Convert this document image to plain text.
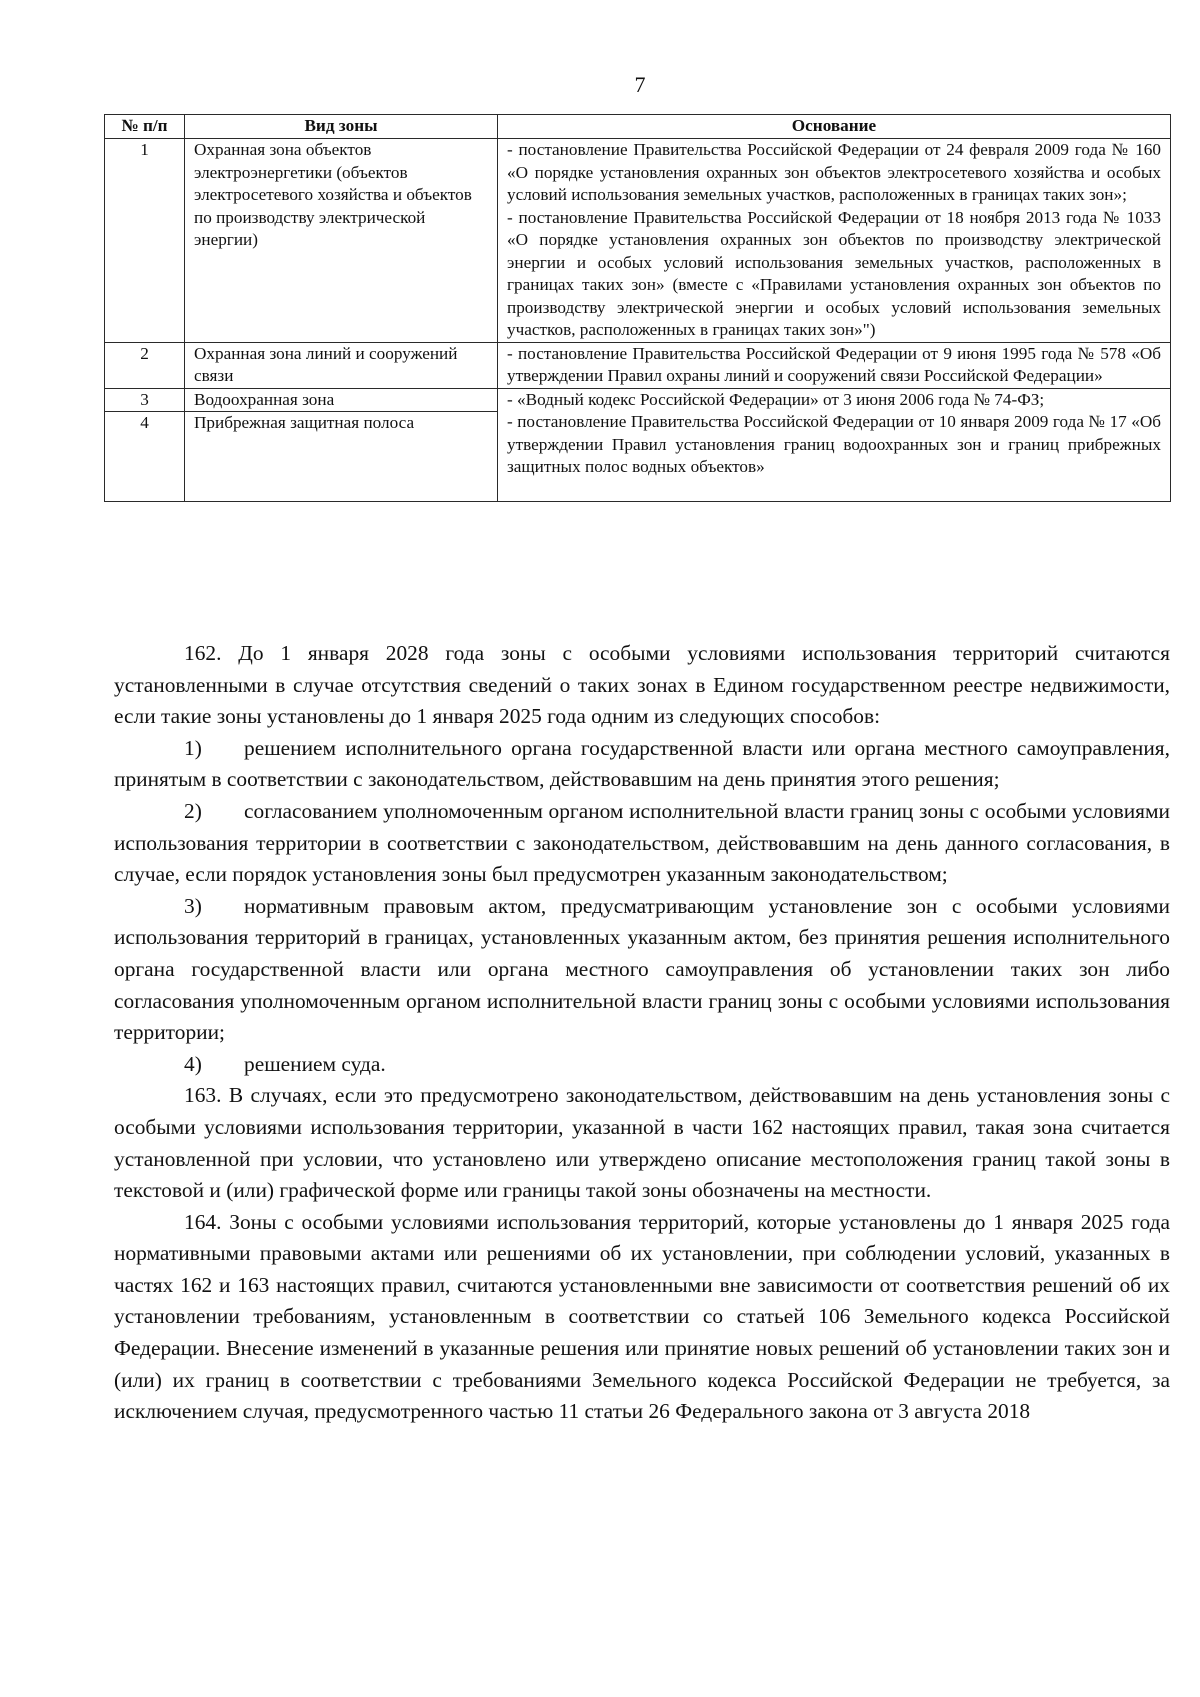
7
№ п/п	Вид зоны	Основание
1	Охранная зона объектов электроэнергетики (объектов электросетевого хозяйства и объектов по производству электрической энергии)	- постановление Правительства Российской Федерации от 24 февраля 2009 года № 160 «О порядке установления охранных зон объектов электросетевого хозяйства и особых условий использования земельных участков, расположенных в границах таких зон»;
- постановление Правительства Российской Федерации от 18 ноября 2013 года № 1033 «О порядке установления охранных зон объектов по производству электрической энергии и особых условий использования земельных участков, расположенных в границах таких зон» (вместе с «Правилами установления охранных зон объектов по производству электрической энергии и особых условий использования земельных участков, расположенных в границах таких зон»")

2	Охранная зона линий и сооружений связи	- постановление Правительства Российской Федерации от 9 июня 1995 года № 578 «Об утверждении Правил охраны линий и сооружений связи Российской Федерации»

3	Водоохранная зона	- «Водный кодекс Российской Федерации» от 3 июня 2006 года № 74-ФЗ;
- постановление Правительства Российской Федерации от 10 января 2009 года № 17 «Об утверждении Правил установления границ водоохранных зон и границ прибрежных защитных полос водных объектов»

4	Прибрежная защитная полоса	

162. До 1 января 2028 года зоны с особыми условиями использования территорий считаются установленными в случае отсутствия сведений о таких зонах в Едином государственном реестре недвижимости, если такие зоны установлены до 1 января 2025 года одним из следующих способов:

1) решением исполнительного органа государственной власти или органа местного самоуправления, принятым в соответствии с законодательством, действовавшим на день принятия этого решения;

2) согласованием уполномоченным органом исполнительной власти границ зоны с особыми условиями использования территории в соответствии с законодательством, действовавшим на день данного согласования, в случае, если порядок установления зоны был предусмотрен указанным законодательством;

3) нормативным правовым актом, предусматривающим установление зон с особыми условиями использования территорий в границах, установленных указанным актом, без принятия решения исполнительного органа государственной власти или органа местного самоуправления об установлении таких зон либо согласования уполномоченным органом исполнительной власти границ зоны с особыми условиями использования территории;

4) решением суда.

163. В случаях, если это предусмотрено законодательством, действовавшим на день установления зоны с особыми условиями использования территории, указанной в части 162 настоящих правил, такая зона считается установленной при условии, что установлено или утверждено описание местоположения границ такой зоны в текстовой и (или) графической форме или границы такой зоны обозначены на местности.

164. Зоны с особыми условиями использования территорий, которые установлены до 1 января 2025 года нормативными правовыми актами или решениями об их установлении, при соблюдении условий, указанных в частях 162 и 163 настоящих правил, считаются установленными вне зависимости от соответствия решений об их установлении требованиям, установленным в соответствии со статьей 106 Земельного кодекса Российской Федерации. Внесение изменений в указанные решения или принятие новых решений об установлении таких зон и (или) их границ в соответствии с требованиями Земельного кодекса Российской Федерации не требуется, за исключением случая, предусмотренного частью 11 статьи 26 Федерального закона от 3 августа 2018
